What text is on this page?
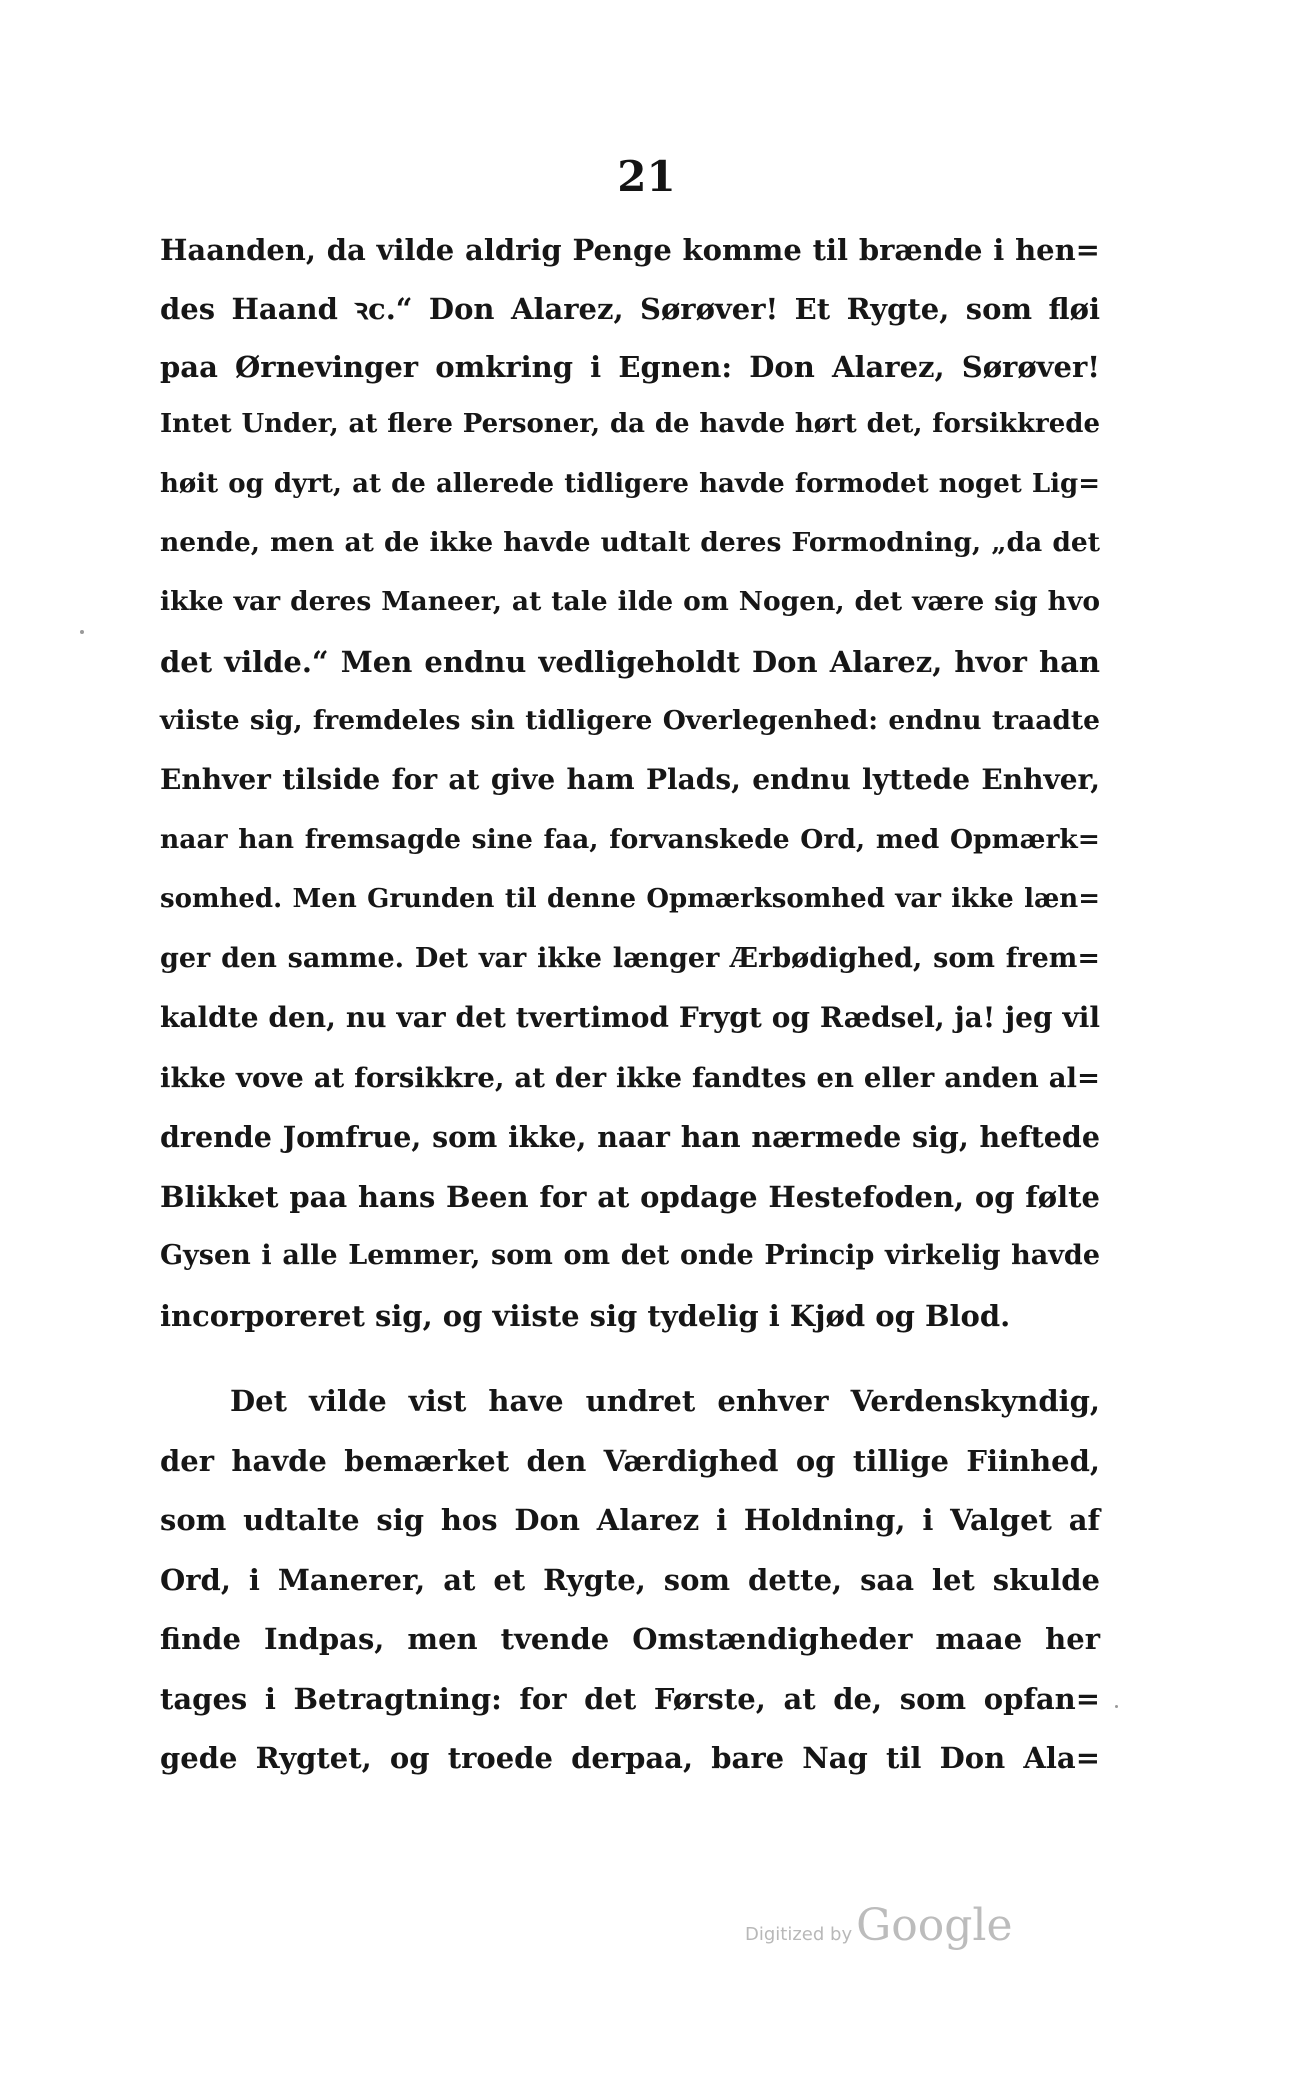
21
Haanden, da vilde aldrig Penge komme til brænde i hen=
des Haand ꝛc.“ Don Alarez, Sørøver! Et Rygte, som fløi
paa Ørnevinger omkring i Egnen: Don Alarez, Sørøver!
Intet Under, at flere Personer, da de havde hørt det, forsikkrede
høit og dyrt, at de allerede tidligere havde formodet noget Lig=
nende, men at de ikke havde udtalt deres Formodning, „da det
ikke var deres Maneer, at tale ilde om Nogen, det være sig hvo
det vilde.“ Men endnu vedligeholdt Don Alarez, hvor han
viiste sig, fremdeles sin tidligere Overlegenhed: endnu traadte
Enhver tilside for at give ham Plads, endnu lyttede Enhver,
naar han fremsagde sine faa, forvanskede Ord, med Opmærk=
somhed. Men Grunden til denne Opmærksomhed var ikke læn=
ger den samme. Det var ikke længer Ærbødighed, som frem=
kaldte den, nu var det tvertimod Frygt og Rædsel, ja! jeg vil
ikke vove at forsikkre, at der ikke fandtes en eller anden al=
drende Jomfrue, som ikke, naar han nærmede sig, heftede
Blikket paa hans Been for at opdage Hestefoden, og følte
Gysen i alle Lemmer, som om det onde Princip virkelig havde
incorporeret sig, og viiste sig tydelig i Kjød og Blod.
Det vilde vist have undret enhver Verdenskyndig,
der havde bemærket den Værdighed og tillige Fiinhed,
som udtalte sig hos Don Alarez i Holdning, i Valget af
Ord, i Manerer, at et Rygte, som dette, saa let skulde
finde Indpas, men tvende Omstændigheder maae her
tages i Betragtning: for det Første, at de, som opfan=
gede Rygtet, og troede derpaa, bare Nag til Don Ala=
Digitized by Google
